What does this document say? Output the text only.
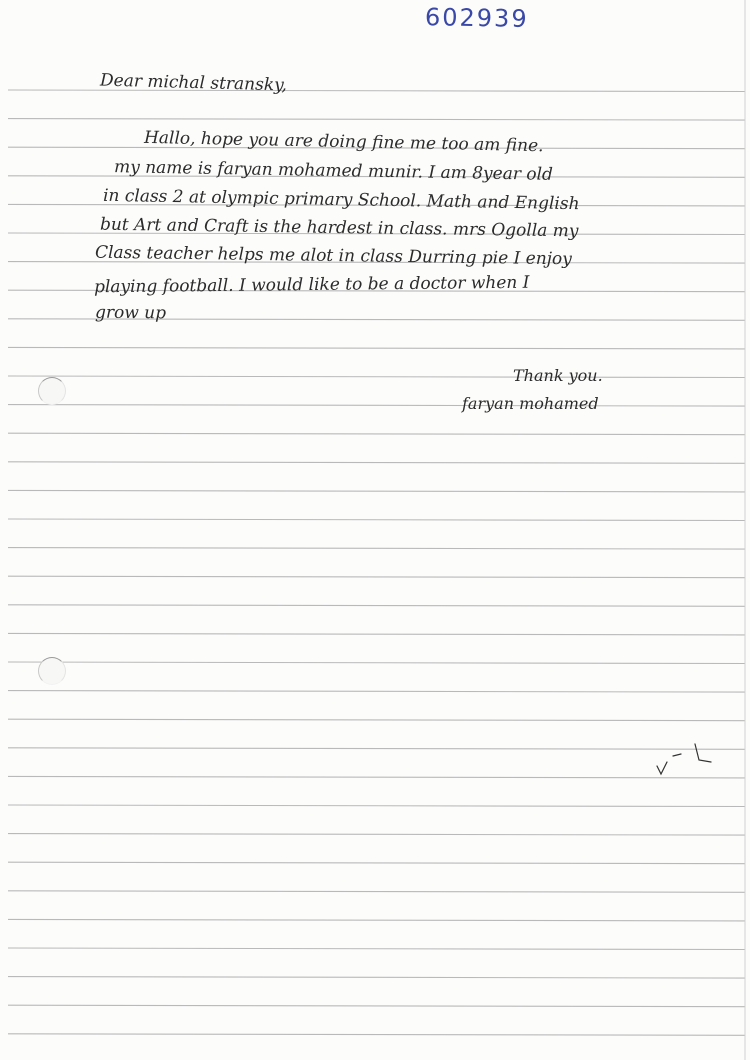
602939
Dear michal stransky,
Hallo, hope you are doing fine me too am fine.
my name is faryan mohamed munir. I am 8year old
in class 2 at olympic primary School. Math and English
but Art and Craft is the hardest in class. mrs Ogolla my
Class teacher helps me alot in class Durring pie I enjoy
playing football. I would like to be a doctor when I
grow up
Thank you.
faryan mohamed
